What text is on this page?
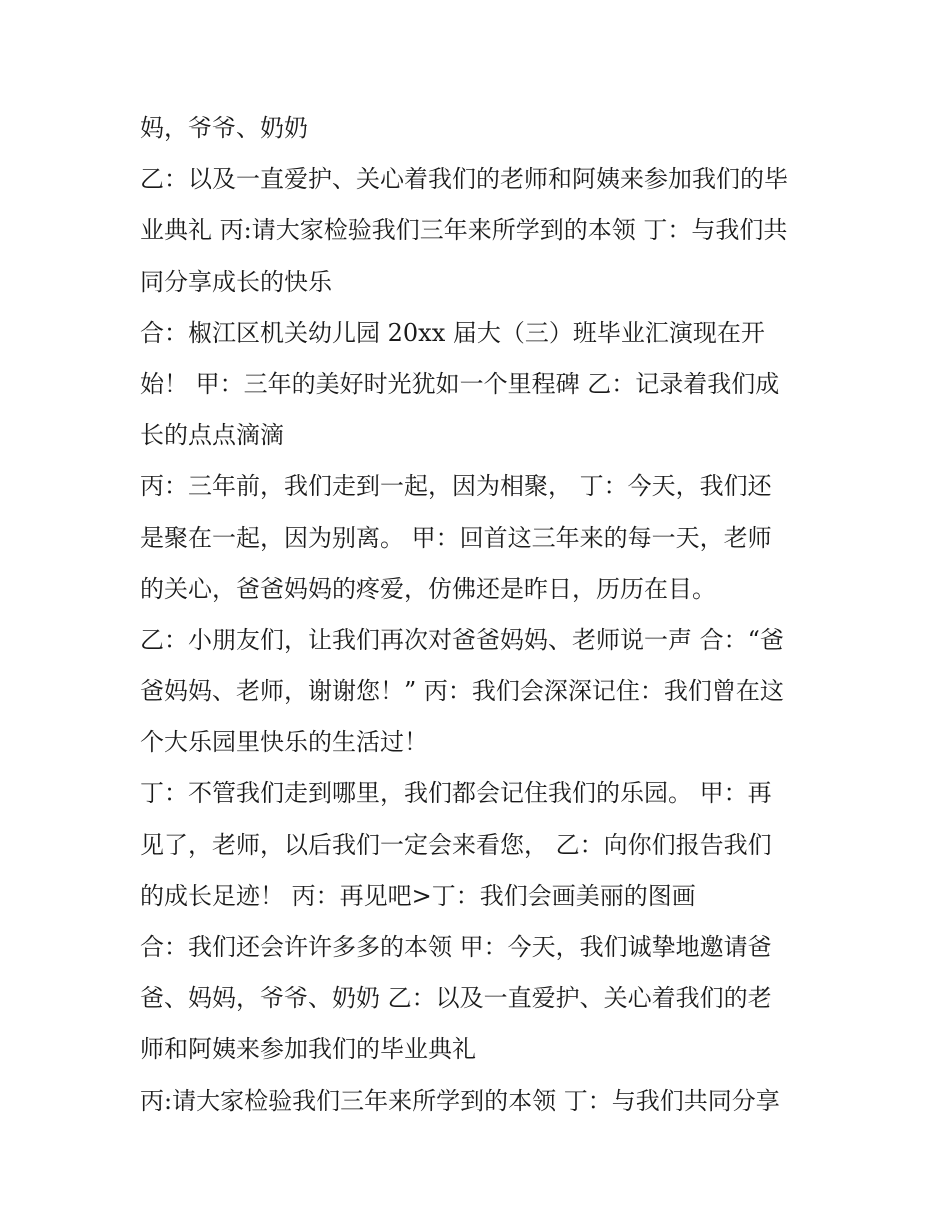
妈，爷爷、奶奶
乙：以及一直爱护、关心着我们的老师和阿姨来参加我们的毕
业典礼 丙:请大家检验我们三年来所学到的本领 丁：与我们共
同分享成长的快乐
合：椒江区机关幼儿园 20xx 届大（三）班毕业汇演现在开
始！ 甲：三年的美好时光犹如一个里程碑 乙：记录着我们成
长的点点滴滴
丙：三年前，我们走到一起，因为相聚， 丁：今天，我们还
是聚在一起，因为别离。 甲：回首这三年来的每一天，老师
的关心，爸爸妈妈的疼爱，仿佛还是昨日，历历在目。
乙：小朋友们，让我们再次对爸爸妈妈、老师说一声 合：“爸
爸妈妈、老师，谢谢您！” 丙：我们会深深记住：我们曾在这
个大乐园里快乐的生活过！
丁：不管我们走到哪里，我们都会记住我们的乐园。 甲：再
见了，老师，以后我们一定会来看您， 乙：向你们报告我们
的成长足迹！ 丙：再见吧>丁：我们会画美丽的图画
合：我们还会许许多多的本领 甲：今天，我们诚挚地邀请爸
爸、妈妈，爷爷、奶奶 乙：以及一直爱护、关心着我们的老
师和阿姨来参加我们的毕业典礼
丙:请大家检验我们三年来所学到的本领 丁：与我们共同分享
